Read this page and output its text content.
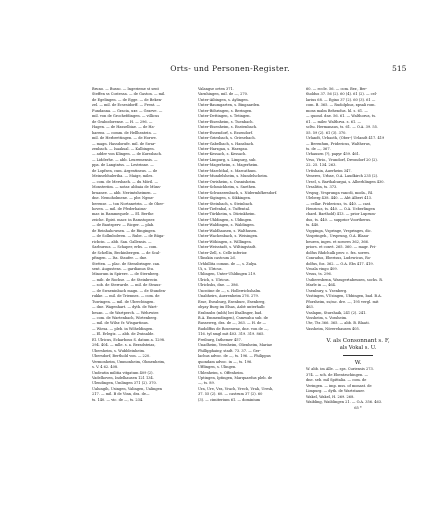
Orts- und Personen-Register.	515
Bruno. — Busso. — Ingerieme st sent
Steffen ss Costessa. — de Gaston. — mil.
de Egelingen. — de Egge. — de Beken-
zel. — mil. de Ecsesidorff. — Frent. —
Fundanna. — Gracia, uxr. — Graeve. —
mil. von de Grochefdingen. — villicus
de Grabodorense. — H. — 296. —
Hagen. — de Hasselbiae. — de Ha-
harens. — comm. de Hellheatein. —
mil. de Herbrettingen. — de Horwe.
— magn. Hassdorufe. mil. de Swar-
zenbach. — Isaaksal. — Kalbingen.
— adder von Klingen. — de Kurssbach.
— Lidderhe. — abb. Leuremensis. —
ppa. de Langintss. — Lestrinne. —
de Lopfsen, cum. Argentineus. — de
Meinsebhuleriha. — Maige, miles.
— com. de Mersbaeh. — du Möril. —
Monsteriim. — notar. abbaia de Müns-
bruanee. — abb. Nerimtsheimen. —
dne. Nemoholmene. — pbr. Ngme-
berense. — ton Nortanetrin. — de Ober-
hoven. — mil. de Pfederhaims-
mar. in Rammequelr. — El. Berthe
zeiche. Epist. macr. in Ramstopser.
— de Bautsperv. — Ricger. — plab.
de Reinhahcwnen. — de Ringingen.
— de Sollmbolwen. — Rube. — de Büga-
ricbcin. — abb. San. Gallensis. —
Sarbursus. — Schaper, erbs. — com.
de Schellin, Beckinbergen. — de Scal-
pfingen. — Ita. Staufer. — dne.
Stetten. — plac. de Stensbringer. can.
sent. Augustens. — gardianus Stu.
Minorum in Spirere. — de Sternberg.
— mib. de Rochse. — de Steinbrecin
— sob. de Sterrarde. — mil. de Straus-
— de Swaeninbach magn. — de Stunden-
rukke. — mil. de Triennes. — com. de
Tuwingen. — mil. de Ubercbingen.
— dne. Wagenhart. — dyth. de Wart-
besan. — de Wartperch. — Wehrwier.
— com. de Wartenbach, Wirtenberg.
— mil. de Wilsr. fr. Wisgartinus.
— Wiesa. — pleb. in Wöheldingen.
— El. Erlegiz. — abb. de Zwinalde.
El. Ulricus, Eckarbous S. datum a. 1298.
294. 404. — mlle. s. a. Beradsteias,
Übersheim, s. Wubbleinheim.
Übersdorf, Berthold von. — 220.
Vermonheim, Ummonheim, Ohmenheim,
s. V. 4 62. 408.
Undeutin militia vitgatum 409 (2).
Vadelhoven, Indelhausen 121 134.
Ulendingen, Umlingen 371 (2). 370.
Ualungih, Usingen, Valingen, Ualingen
217. — mil. B de Vinn, dra. de—
ts. 140. — vic. de —, ts. 234.
Valangse orten 371.
Varnhingen, mil. de —, 270.
Unter-Aibingen, s. Aylingen.
Unter-Baumgarten, s. Bingaarden.
Unter-Böhringen, s. Beringen.
Unter-Dettingen, s. Tetingen.
Unter-Eisenheim, s. Tuenbach.
Unter-Eisenheim, s. Enstenbach.
Unter-Essendorf, s. Essendorf.
Unter-Griesbach, s. Griesebach.
Unter-Gabelbach, s. Hansbach.
Unter-Harzgau, s. Harzgau.
Unter-Kessach, s. Kessach.
Unter-Limpurg, s. Limpurg, sub.
Unter-Magerheim, s. Magerheim.
Unter-Marchthal, s. Marcathum.
Unter-Mundelsheim, s. Mundelscheim.
Unter-Owisheim, s. Ousnisheim.
Unter-Schmichheim, s. Snethen.
Unter-Schwarzenbach, s. Nidermhfkwsdorf.
Unter-Sigingen, s. Sikkingen.
Unter-Steinbach, s. Steinbach.
Unter-Tiefenbal, s. Tuffental.
Unter-Türkheim, s. Dürinkheim.
Unter-Uhldingen, s. Uldingen.
Unter-Waldingen, s. Waldingen.
Unter-Waldhausen, s. Walthusen.
Unter-Wachenbach, s. Weisingen.
Unter-Wöhingen, s. Willingen.
Unter-Weisstadt, s. Wiltingstadt.
Unter-Zell, s. Celle inferior.
Ulinskin castcum 2d.
Urhhillita comun. de —, s. Zulya.
Ui, s. Ulricus.
Ühlingen, Unter-Uhldingen 219.
Ulrich, s. Ulricus.
Ulrichshs, dne. — 386.
Uncntine de —, s. Hollerrichshalm.
Unabheirs, Auerenheim 276. 279.
Esse, Eseaburg, Esenburc, Esenberg,
ohyay Burg im Elsas, Asbè unterhalb
Erabnubs (mbh) bei Ifsalbsger, bad.
B.A. Emmendingen), Csmwahu sub. de
Russeweg, dra. de —, 363. — H. de —
Rudolffus de Rosenwaz, dne. von de —,
116. tyl smgl mit 403. 319. 319. 865.
Freiburg, Inthemer 457.
Unadheim, Veenheim, Olienheim, Mariae
Phillipphainy, stadt. 73. 37. — Ger-
lachus advoc. de —, ts. 196. — Philippus
quondam advoc. in —, ts. 196.
Ufflingen, s. Ulingen.
Ublenheim, s. Offenheim.
Uptingen, Iptingen, Marquardus pleb. de
—, ts. 89.
Ura, Ure, Vra, Vrach, Vrech, Vrah, Uresh,
37. 55 (2). 60. — castrum 37 (2). 60
(3). — cimiterium 61. — dominium
60. — eccle. 56. — com. Ber., Ber-
tholdus 37. 56 (2). 60 (4). 61 (2). — cel-
larius 68. — Egino 37 (2). 60 (3). 61 —
com. B. 365. — Rudolphus, xpsali rom.
mons malm Behendus. hl. s. 61. —
— quond. dne. 56. 61. — Walthorus, ts.
61. — milec Walthrva. s. 61. —
scltu. Hermanaus, ts. 61. — O.A. 39. 55.
55. 59 (2). 61 (3). 370.
Urlandt, Urbaoth, (Ober-) Urlandt 417. 419
— Berenfum, Fridericus, Waltherus,
ts. de —, 367.
Urhausen (?), papyr 459. 461.
Vrso, Ytrio., Vrundorf, Drrondorf 20 (2).
22. 25. 134. 263.
Ürtishain, Auerheim 347.
Veneres, Urbae, O.A. Laudkirch 235 (2).
Ursel, s. Barthaburgai, s. Alberhlingen 430.
Ursalitin, ts. 373.
Vrspsg, Vrsprunga vancdi, moda., RI.
Uleberg 438. 440. — Abt Albert 413.
— cellar. Fridericus, ts. 440. — cast.
Henricus, ts. 440. — O.A. Ueberlingen
chard. Barthold) 413. — prior Luprum-
dus, ts. 440. — supprior Voortherus.
ts. 440.
Vsppinga, Vspringe, Vrspringes, dic.
Vospringeb., Ursprung, O.A. Blaau-
beuren, ingrn. et sorores 362, 366.
priors. et convt. 265. 360. — magr. Fri-
dolfus Rhdchulk prov. c. fra. sorres.
Conradus, Eberisus, Ludewicus, Ro-
dolfus, fos. 362. — O.A. Ebs 417. 419.
Vroala vingo 409.
Vrsus, ts. 296.
Usdieresbenn, Wassgertabeusen, sochs. R.
Marle in —, 464.
Usenbury, s. Ysenberg.
Vsstingen, VUsingen, Ubbingen, bad. B.A.
Pforzheim, ss/mc. dre. —, 195 vergl. mit
463.
Vnslapm, Sturshaik, 241 (2). 241.
Vossheim, s. Vossheim.
Ute, Ttz 366. 365. — abb. B. Blaati.
Vassheim, Nörerehausen 405.
V. als Consonnant s. F,
als Vokal s. U.
W.
W. abb. im Alle. — sps. Curiensis 273.
374. — sch. de Ebentzschingen. —
dne. seb. mil Spittalia. — com. de
Veringen. — imp. mss. of monast. de
Limpurg. — dyth. de Wartstauer.
Wakel, Wakel, H. 269. 268.
Waibling, Waiblingen 21. — O.A. 356. 463.
65 *
